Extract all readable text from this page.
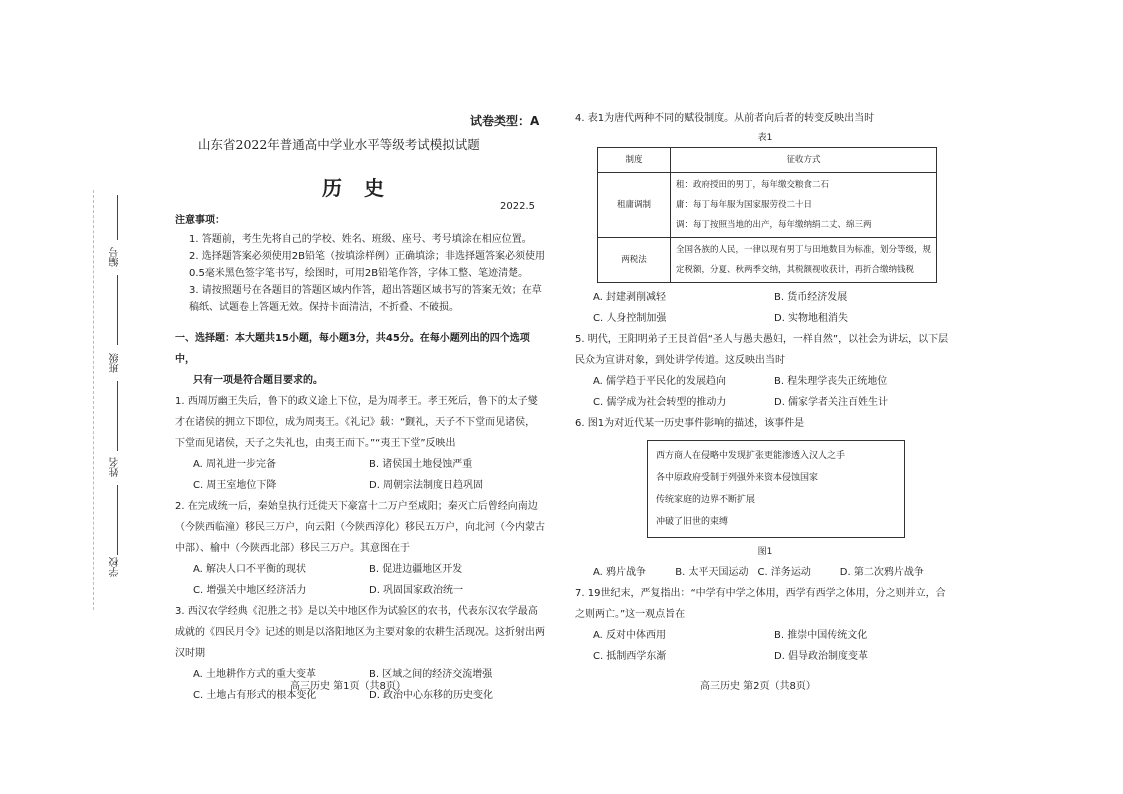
编号
班级
姓名
学校
试卷类型：A
山东省2022年普通高中学业水平等级考试模拟试题
历史
2022.5

注意事项：

1. 答题前，考生先将自己的学校、姓名、班级、座号、考号填涂在相应位置。

2. 选择题答案必须使用2B铅笔（按填涂样例）正确填涂；非选择题答案必须使用0.5毫米黑色签字笔书写，绘图时，可用2B铅笔作答，字体工整、笔迹清楚。

3. 请按照题号在各题目的答题区域内作答，超出答题区域书写的答案无效；在草稿纸、试题卷上答题无效。保持卡面清洁，不折叠、不破损。

一、选择题：本大题共15小题，每小题3分，共45分。在每小题列出的四个选项中，

只有一项是符合题目要求的。

1. 西周厉幽王失后，鲁下的政义途上下位，是为周孝王。孝王死后，鲁下的太子燮才在诸侯的拥立下即位，成为周夷王。《礼记》载：“觐礼，天子不下堂而见诸侯，下堂而见诸侯，天子之失礼也，由夷王而下。”“夷王下堂”反映出

A. 周礼进一步完备	B. 诸侯国土地侵蚀严重
C. 周王室地位下降	D. 周朝宗法制度日趋巩固

2. 在完成统一后，秦始皇执行迁徙天下豪富十二万户至咸阳；秦灭亡后曾经向南边（今陕西临潼）移民三万户，向云阳（今陕西淳化）移民五万户，向北河（今内蒙古中部）、榆中（今陕西北部）移民三万户。其意图在于

A. 解决人口不平衡的现状	B. 促进边疆地区开发
C. 增强关中地区经济活力	D. 巩固国家政治统一

3. 西汉农学经典《氾胜之书》是以关中地区作为试验区的农书，代表东汉农学最高成就的《四民月令》记述的则是以洛阳地区为主要对象的农耕生活现况。这折射出两汉时期

A. 土地耕作方式的重大变革	B. 区域之间的经济交流增强
C. 土地占有形式的根本变化	D. 政治中心东移的历史变化
高三历史 第1页（共8页）

4. 表1为唐代两种不同的赋役制度。从前者向后者的转变反映出当时

表1

制度	征收方式
租庸调制	租：政府授田的男丁，每年缴交粮食二石
庸：每丁每年服为国家服劳役二十日
调：每丁按照当地的出产，每年缴纳绢二丈、绵三两

两税法	全国各族的人民，一律以现有男丁与田地数目为标准，划分等级，规定税额，分夏、秋两季交纳，其税额视收获计，再折合缴纳钱税
A. 封建剥削减轻	B. 货币经济发展
C. 人身控制加强	D. 实物地租消失

5. 明代，王阳明弟子王艮首倡“圣人与愚夫愚妇，一样自然”，以社会为讲坛，以下层民众为宣讲对象，到处讲学传道。这反映出当时

A. 儒学趋于平民化的发展趋向	B. 程朱理学丧失正统地位
C. 儒学成为社会转型的推动力	D. 儒家学者关注百姓生计

6. 图1为对近代某一历史事件影响的描述，该事件是

西方商人在侵略中发现扩张更能渗透入汉人之手
各中原政府受制于列强外来资本侵蚀国家
传统家庭的边界不断扩展
冲破了旧世的束缚

图1

A. 鸦片战争	B. 太平天国运动 C. 洋务运动	D. 第二次鸦片战争

7. 19世纪末，严复指出：“中学有中学之体用，西学有西学之体用，分之则并立，合之则两亡。”这一观点旨在

A. 反对中体西用	B. 推崇中国传统文化
C. 抵制西学东渐	D. 倡导政治制度变革
高三历史 第2页（共8页）
